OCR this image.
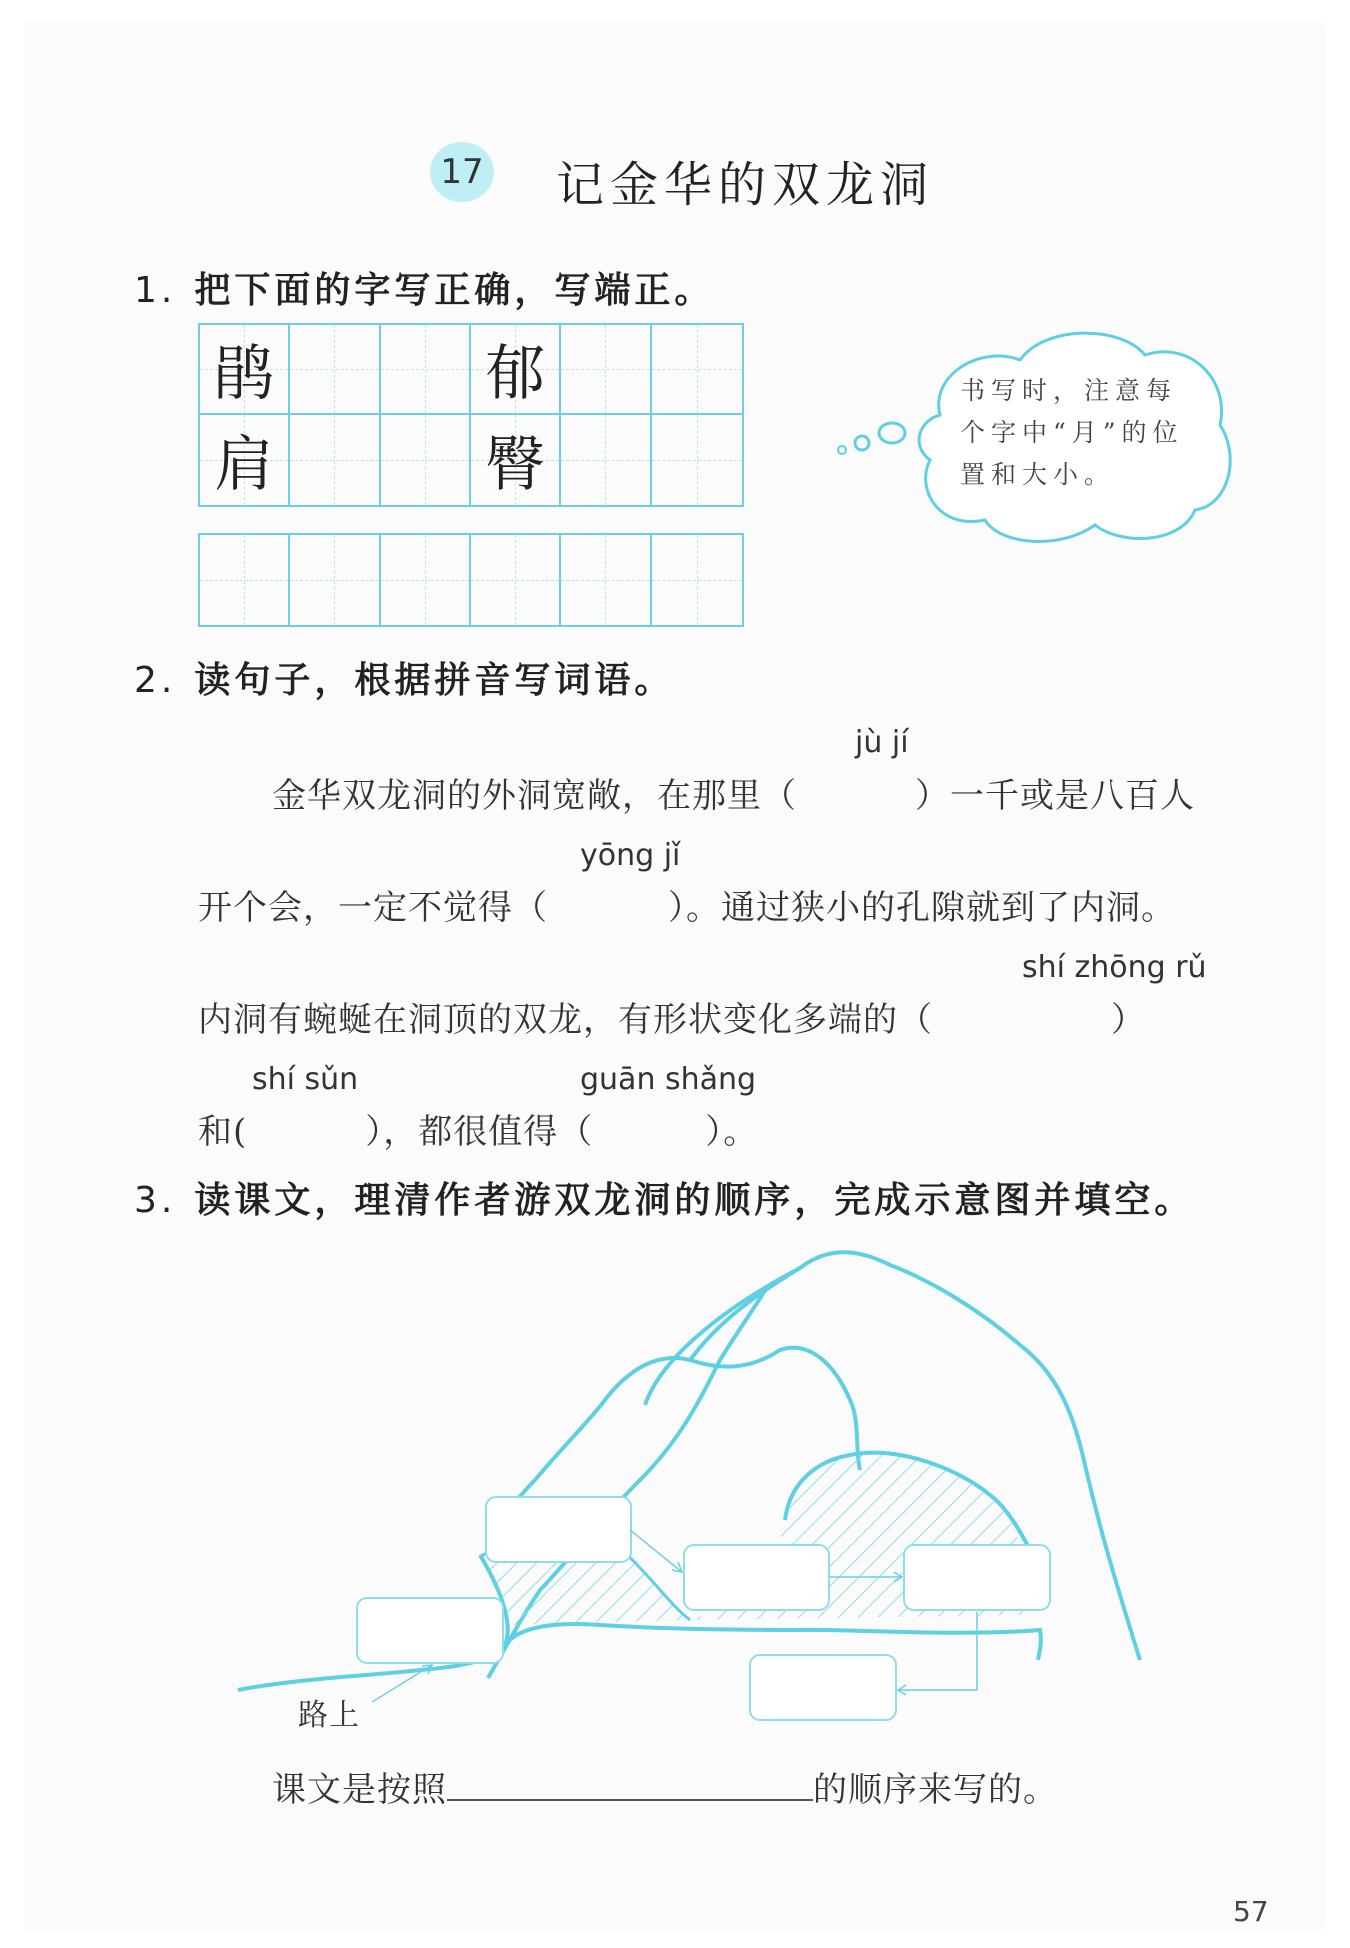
17 记金华的双龙洞
1. 把下面的字写正确，写端正。
鹃	郁
肩	臀
书写时，注意每个字中“月”的位置和大小。
2. 读句子，根据拼音写词语。
jù jí
金华双龙洞的外洞宽敞，在那里（	）一千或是八百人
yōng jǐ
开个会，一定不觉得（	）。通过狭小的孔隙就到了内洞。
shí zhōng rǔ
内洞有蜿蜒在洞顶的双龙，有形状变化多端的（	）
shí sǔn	guān shǎng
和(	），都很值得（	）。
3. 读课文，理清作者游双龙洞的顺序，完成示意图并填空。
路上
课文是按照	的顺序来写的。
57
